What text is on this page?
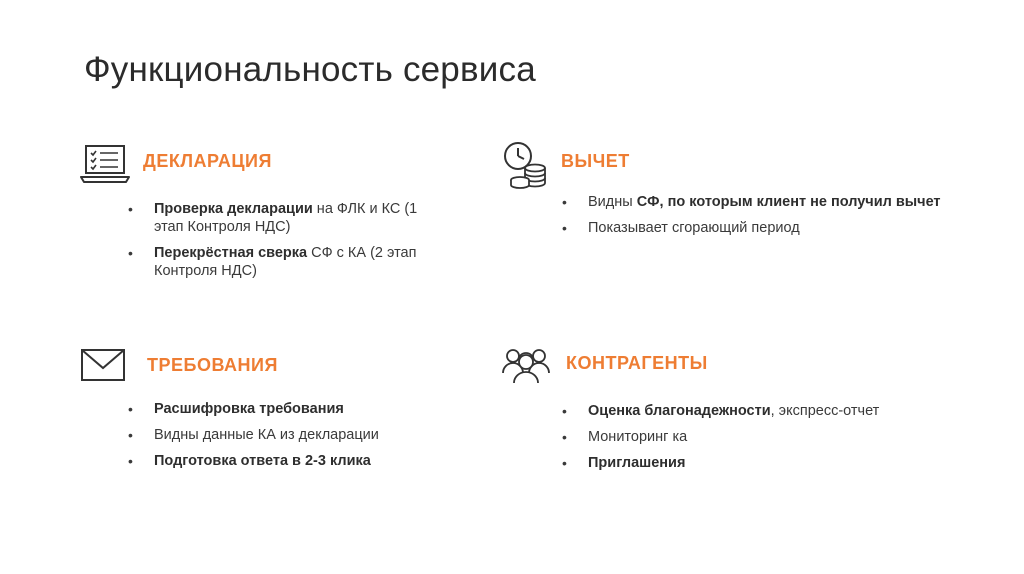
Функциональность сервиса
ДЕКЛАРАЦИЯ
• Проверка декларации на ФЛК и КС (1 этап Контроля НДС)
• Перекрёстная сверка СФ с КА (2 этап Контроля НДС)
ВЫЧЕТ
• Видны СФ, по которым клиент не получил вычет
• Показывает сгорающий период
ТРЕБОВАНИЯ
• Расшифровка требования
• Видны данные КА из декларации
• Подготовка ответа в 2-3 клика
КОНТРАГЕНТЫ
• Оценка благонадежности, экспресс-отчет
• Мониторинг ка
• Приглашения
